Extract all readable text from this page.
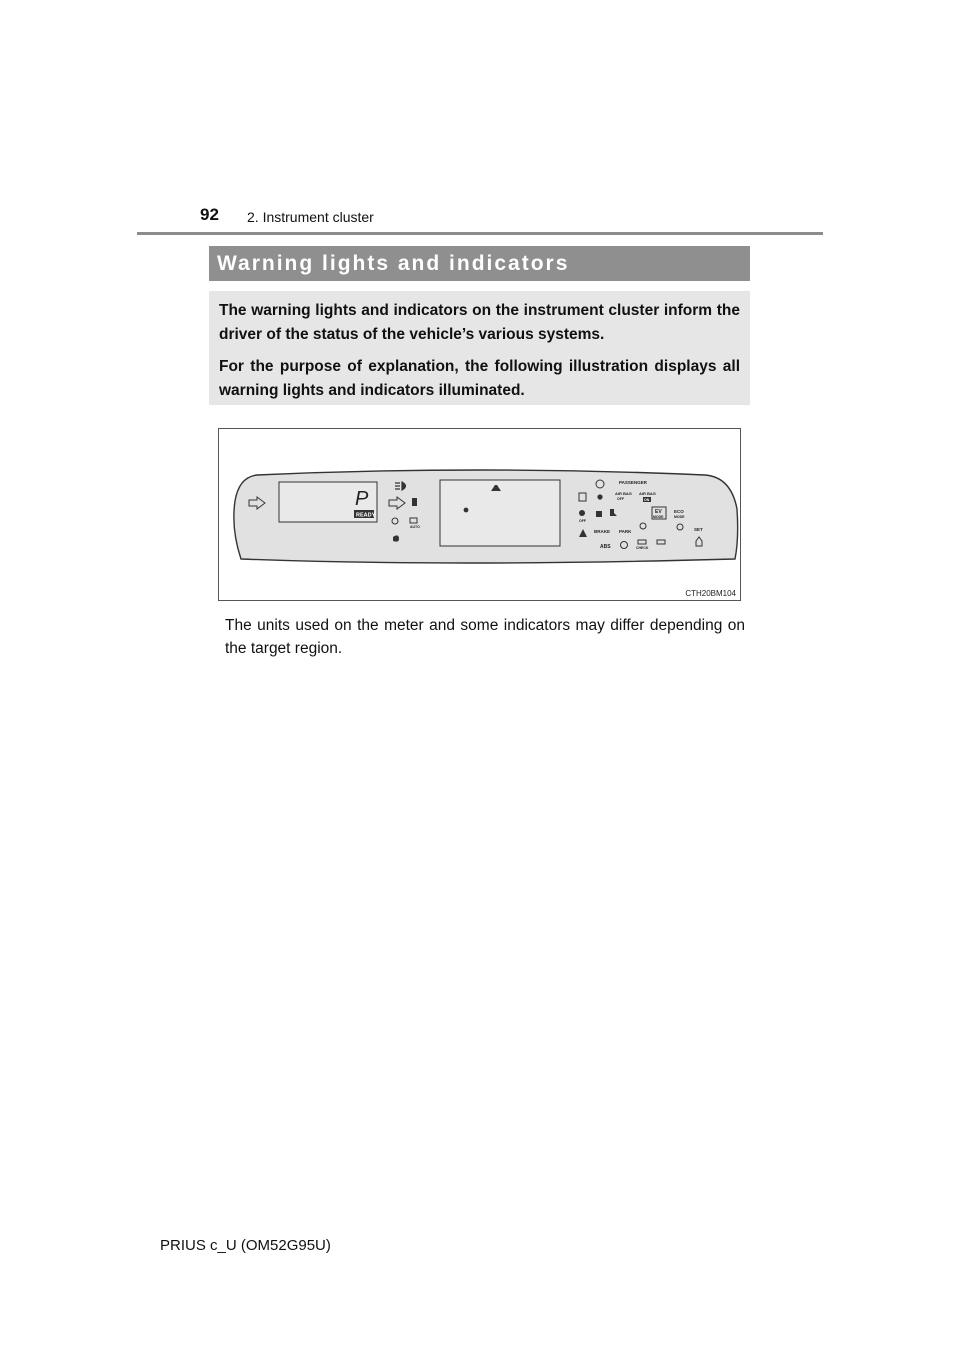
92 2. Instrument cluster
Warning lights and indicators

The warning lights and indicators on the instrument cluster inform the driver of the status of the vehicle’s various systems.

For the purpose of explanation, the following illustration displays all warning lights and indicators illuminated.

P
READY
AUTO
PASSENGER
AIR BAG
OFF
AIR BAG
ON
OFF
EV
MODE
ECO
MODE
BRAKE PARK	SET
ABS	CHECK
CTH20BM104
The units used on the meter and some indicators may differ depending on the target region.
PRIUS c_U (OM52G95U)
